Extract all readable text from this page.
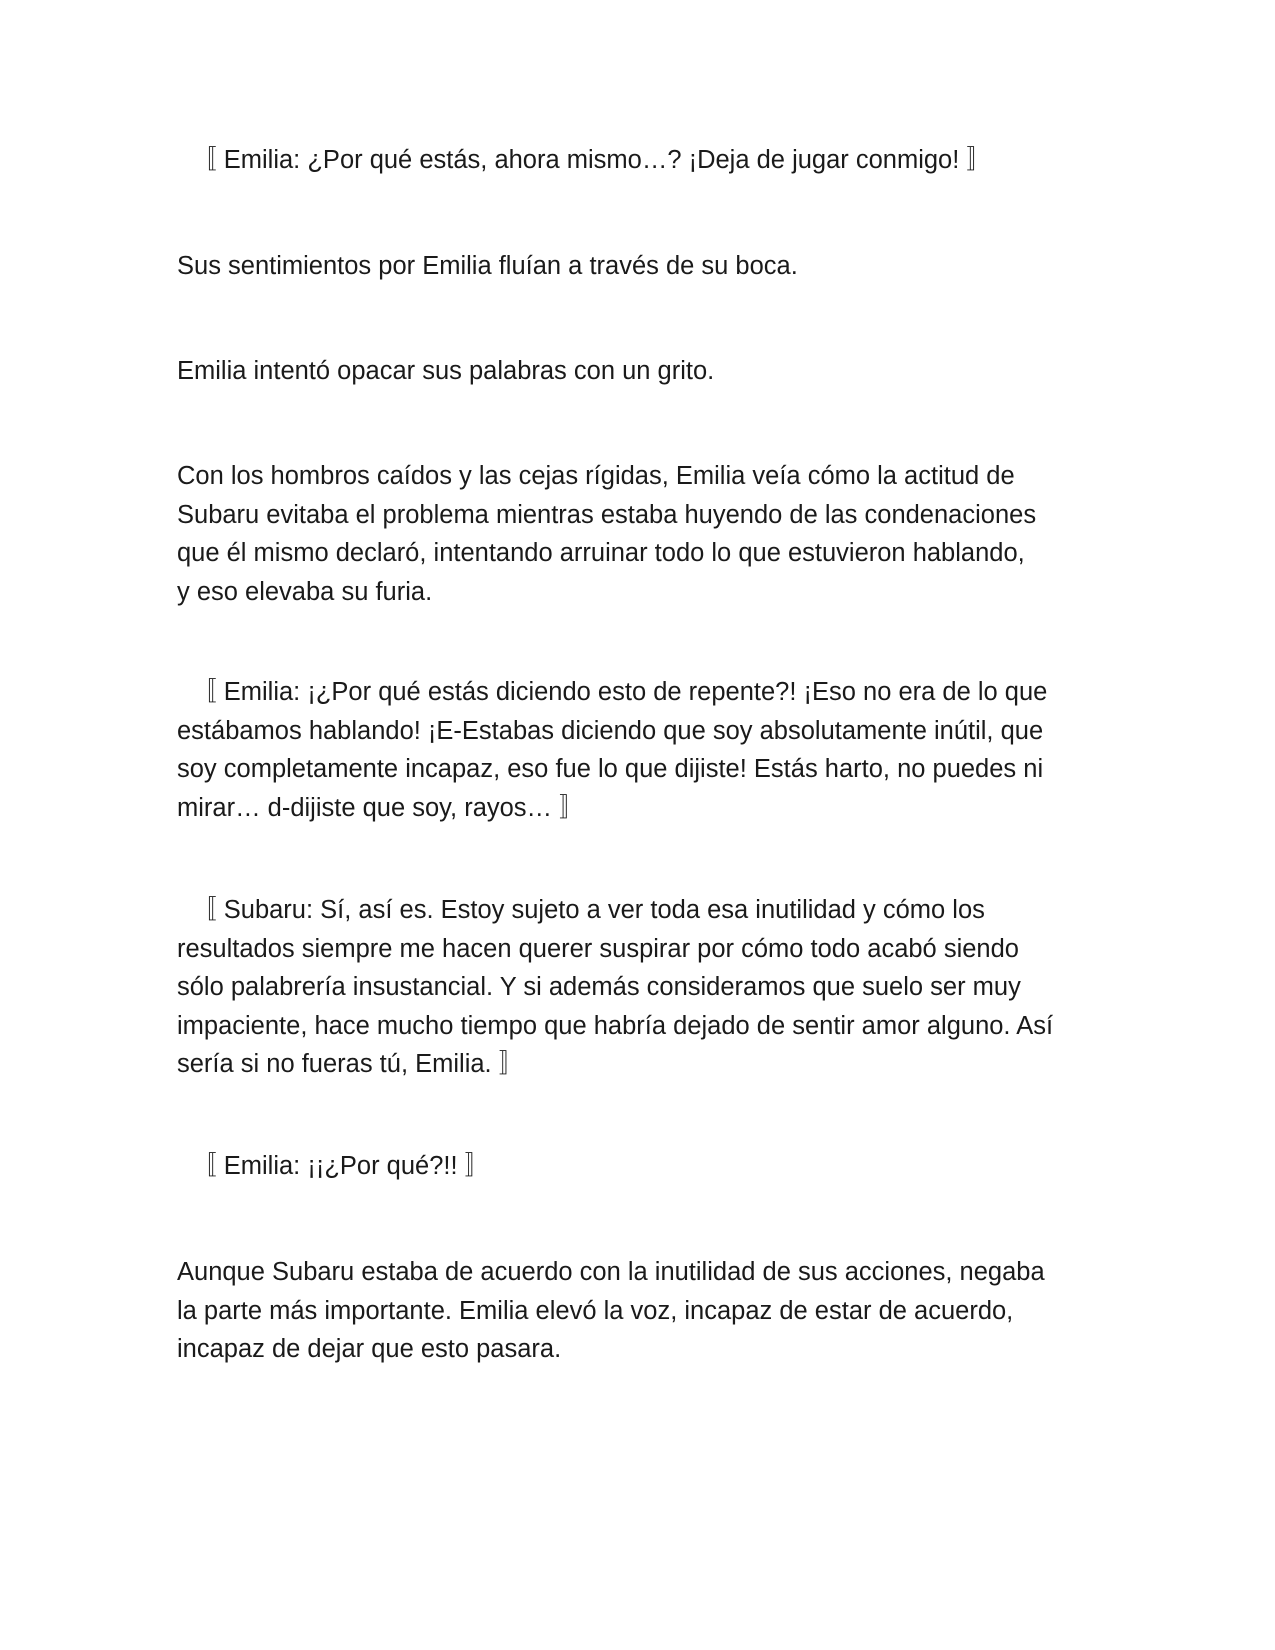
〚 Emilia: ¿Por qué estás, ahora mismo…? ¡Deja de jugar conmigo! 〛

Sus sentimientos por Emilia fluían a través de su boca.

Emilia intentó opacar sus palabras con un grito.

Con los hombros caídos y las cejas rígidas, Emilia veía cómo la actitud de
Subaru evitaba el problema mientras estaba huyendo de las condenaciones
que él mismo declaró, intentando arruinar todo lo que estuvieron hablando,
y eso elevaba su furia.

〚 Emilia: ¡¿Por qué estás diciendo esto de repente?! ¡Eso no era de lo que
estábamos hablando! ¡E-Estabas diciendo que soy absolutamente inútil, que
soy completamente incapaz, eso fue lo que dijiste! Estás harto, no puedes ni
mirar… d-dijiste que soy, rayos… 〛

〚 Subaru: Sí, así es. Estoy sujeto a ver toda esa inutilidad y cómo los
resultados siempre me hacen querer suspirar por cómo todo acabó siendo
sólo palabrería insustancial. Y si además consideramos que suelo ser muy
impaciente, hace mucho tiempo que habría dejado de sentir amor alguno. Así
sería si no fueras tú, Emilia. 〛

〚 Emilia: ¡¡¿Por qué?!! 〛

Aunque Subaru estaba de acuerdo con la inutilidad de sus acciones, negaba
la parte más importante. Emilia elevó la voz, incapaz de estar de acuerdo,
incapaz de dejar que esto pasara.
